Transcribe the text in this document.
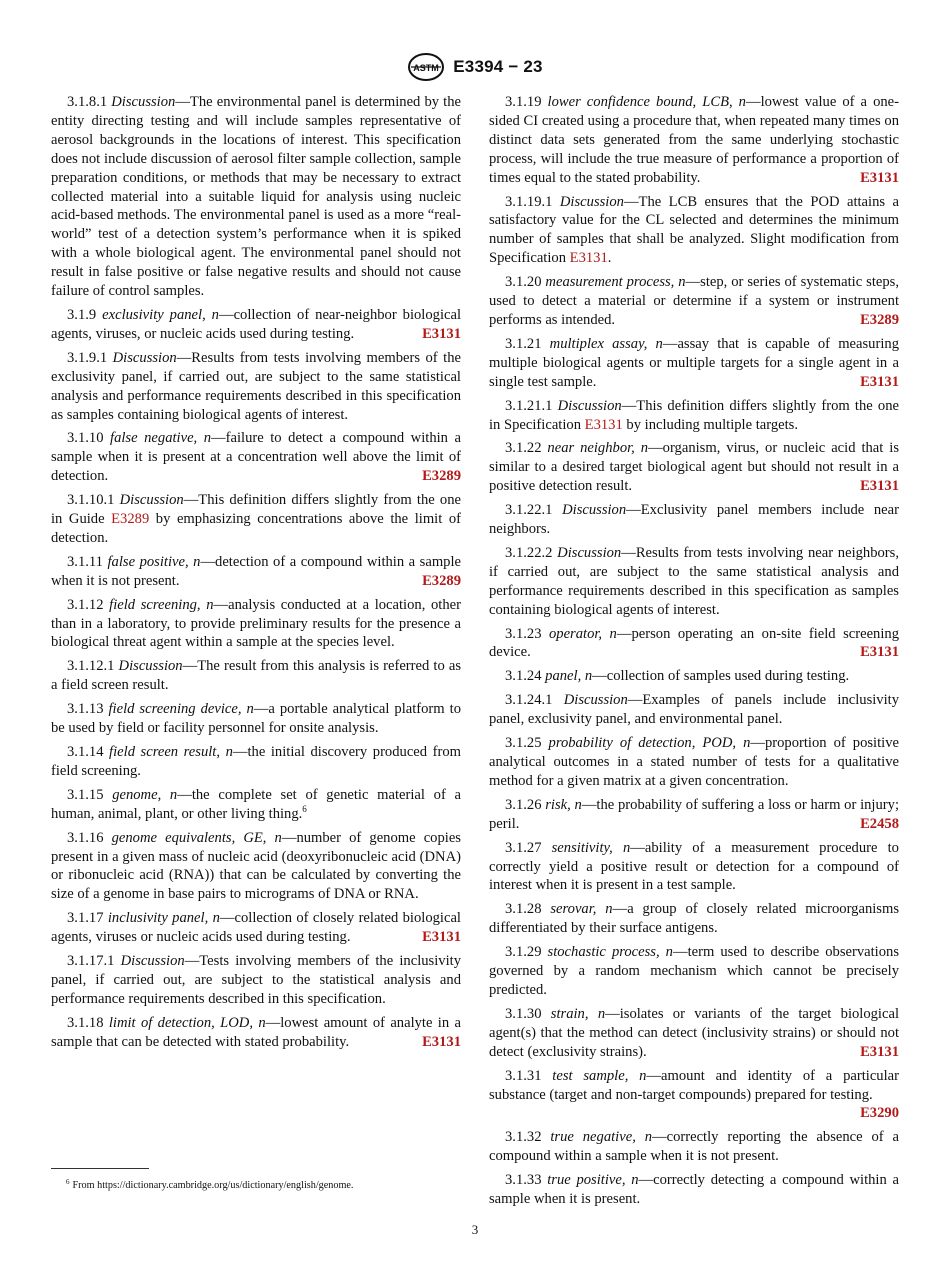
ASTM E3394 − 23

3.1.8.1 Discussion—The environmental panel is determined by the entity directing testing and will include samples representative of aerosol backgrounds in the locations of interest. This specification does not include discussion of aerosol filter sample collection, sample preparation conditions, or methods that may be necessary to extract collected material into a suitable liquid for analysis using nucleic acid-based methods. The environmental panel is used as a more “real-world” test of a detection system’s performance when it is spiked with a whole biological agent. The environmental panel should not result in false positive or false negative results and should not cause failure of control samples.

3.1.9 exclusivity panel, n—collection of near-neighbor biological agents, viruses, or nucleic acids used during testing.	E3131

3.1.9.1 Discussion—Results from tests involving members of the exclusivity panel, if carried out, are subject to the same statistical analysis and performance requirements described in this specification as samples containing biological agents of interest.

3.1.10 false negative, n—failure to detect a compound within a sample when it is present at a concentration well above the limit of detection.	E3289

3.1.10.1 Discussion—This definition differs slightly from the one in Guide E3289 by emphasizing concentrations above the limit of detection.

3.1.11 false positive, n—detection of a compound within a sample when it is not present.	E3289

3.1.12 field screening, n—analysis conducted at a location, other than in a laboratory, to provide preliminary results for the presence a biological threat agent within a sample at the species level.

3.1.12.1 Discussion—The result from this analysis is referred to as a field screen result.

3.1.13 field screening device, n—a portable analytical platform to be used by field or facility personnel for onsite analysis.

3.1.14 field screen result, n—the initial discovery produced from field screening.

3.1.15 genome, n—the complete set of genetic material of a human, animal, plant, or other living thing.$^6$

3.1.16 genome equivalents, GE, n—number of genome copies present in a given mass of nucleic acid (deoxyribonucleic acid (DNA) or ribonucleic acid (RNA)) that can be calculated by converting the size of a genome in base pairs to micrograms of DNA or RNA.

3.1.17 inclusivity panel, n—collection of closely related biological agents, viruses or nucleic acids used during testing.	E3131

3.1.17.1 Discussion—Tests involving members of the inclusivity panel, if carried out, are subject to the statistical analysis and performance requirements described in this specification.

3.1.18 limit of detection, LOD, n—lowest amount of analyte in a sample that can be detected with stated probability.	E3131

3.1.19 lower confidence bound, LCB, n—lowest value of a one-sided CI created using a procedure that, when repeated many times on distinct data sets generated from the same underlying stochastic process, will include the true measure of performance a proportion of times equal to the stated probability.	E3131

3.1.19.1 Discussion—The LCB ensures that the POD attains a satisfactory value for the CL selected and determines the minimum number of samples that shall be analyzed. Slight modification from Specification E3131.

3.1.20 measurement process, n—step, or series of systematic steps, used to detect a material or determine if a system or instrument performs as intended.	E3289

3.1.21 multiplex assay, n—assay that is capable of measuring multiple biological agents or multiple targets for a single agent in a single test sample.	E3131

3.1.21.1 Discussion—This definition differs slightly from the one in Specification E3131 by including multiple targets.

3.1.22 near neighbor, n—organism, virus, or nucleic acid that is similar to a desired target biological agent but should not result in a positive detection result.	E3131

3.1.22.1 Discussion—Exclusivity panel members include near neighbors.

3.1.22.2 Discussion—Results from tests involving near neighbors, if carried out, are subject to the same statistical analysis and performance requirements described in this specification as samples containing biological agents of interest.

3.1.23 operator, n—person operating an on-site field screening device.	E3131

3.1.24 panel, n—collection of samples used during testing.

3.1.24.1 Discussion—Examples of panels include inclusivity panel, exclusivity panel, and environmental panel.

3.1.25 probability of detection, POD, n—proportion of positive analytical outcomes in a stated number of tests for a qualitative method for a given matrix at a given concentration.

3.1.26 risk, n—the probability of suffering a loss or harm or injury; peril.	E2458

3.1.27 sensitivity, n—ability of a measurement procedure to correctly yield a positive result or detection for a compound of interest when it is present in a test sample.

3.1.28 serovar, n—a group of closely related microorganisms differentiated by their surface antigens.

3.1.29 stochastic process, n—term used to describe observations governed by a random mechanism which cannot be precisely predicted.

3.1.30 strain, n—isolates or variants of the target biological agent(s) that the method can detect (inclusivity strains) or should not detect (exclusivity strains).	E3131

3.1.31 test sample, n—amount and identity of a particular substance (target and non-target compounds) prepared for testing.
E3290

3.1.32 true negative, n—correctly reporting the absence of a compound within a sample when it is not present.

3.1.33 true positive, n—correctly detecting a compound within a sample when it is present.

$^6$ From https://dictionary.cambridge.org/us/dictionary/english/genome.
3
